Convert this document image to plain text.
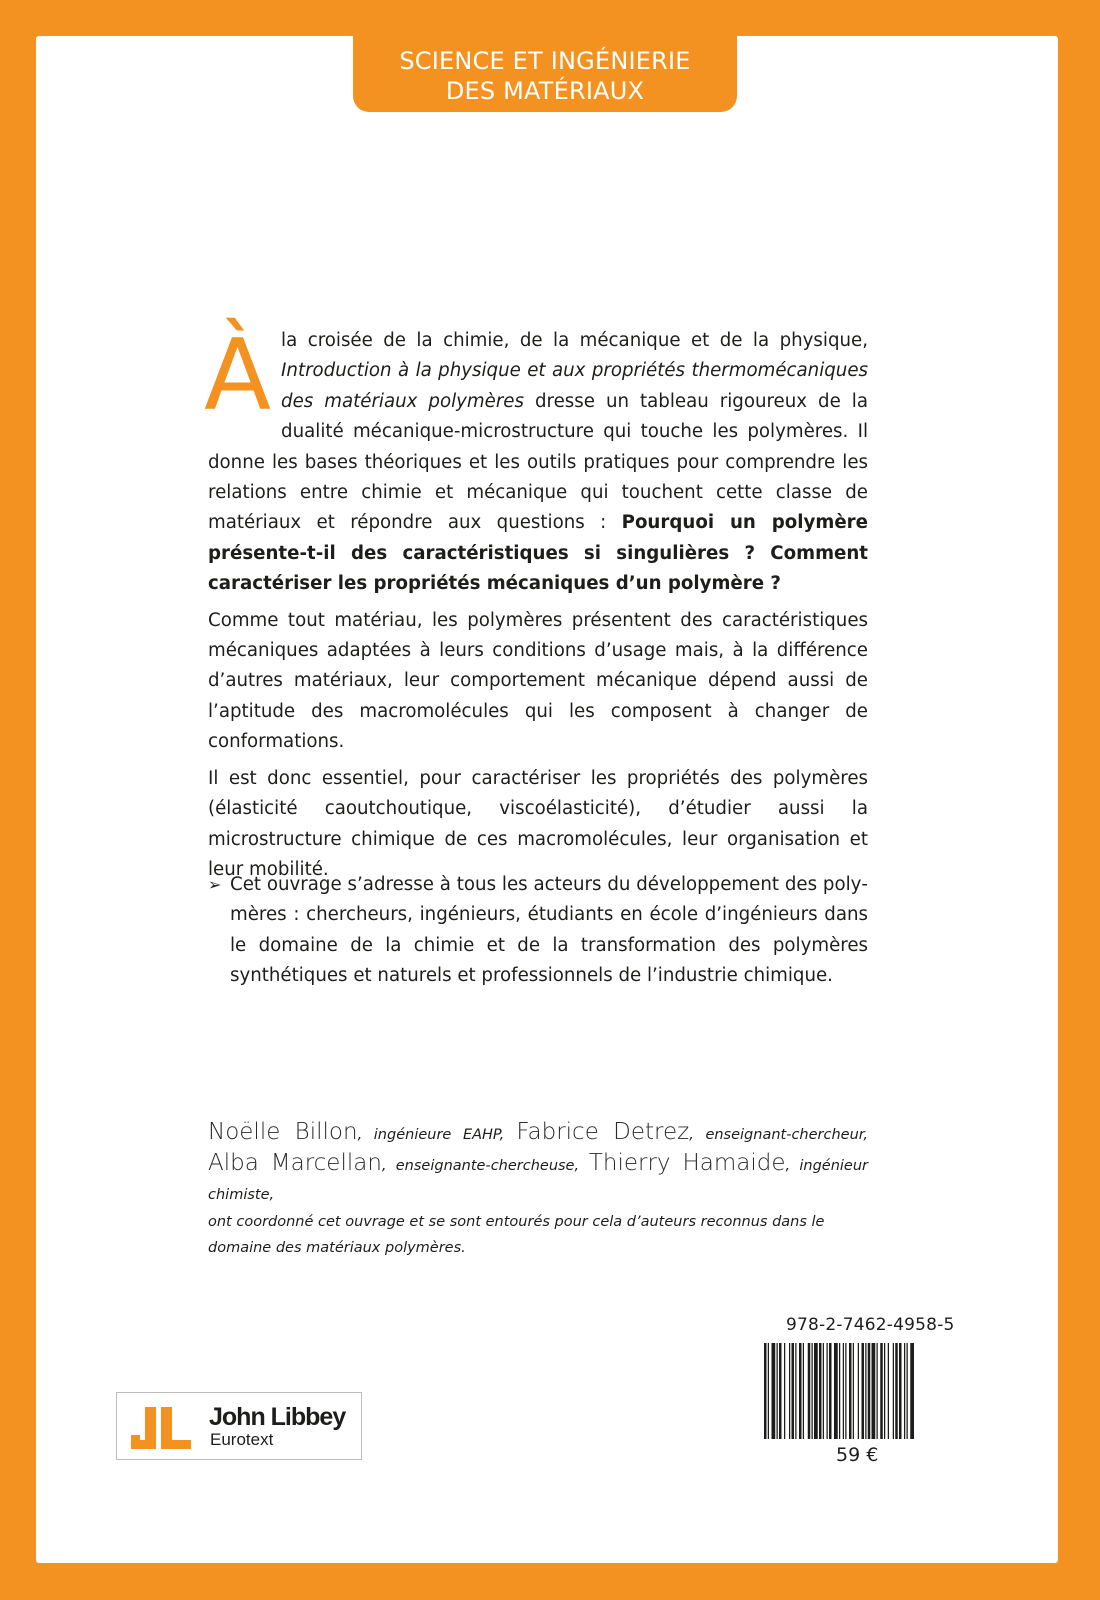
SCIENCE ET INGÉNIERIE
DES MATÉRIAUX

À la croisée de la chimie, de la mécanique et de la physique, Introduction à la physique et aux propriétés thermomécaniques des matériaux polymères dresse un tableau rigoureux de la dualité mécanique-microstructure qui touche les polymères. Il donne les bases théoriques et les outils pratiques pour comprendre les relations entre chimie et mécanique qui touchent cette classe de matériaux et répondre aux questions : Pourquoi un polymère présente-t-il des caractéristiques si singulières ? Comment caractériser les propriétés mécaniques d’un polymère ?

Comme tout matériau, les polymères présentent des caractéristiques mécaniques adaptées à leurs conditions d’usage mais, à la différence d’autres matériaux, leur comportement mécanique dépend aussi de l’aptitude des macromolécules qui les composent à changer de conformations.

Il est donc essentiel, pour caractériser les propriétés des polymères (élasticité caoutchoutique, viscoélasticité), d’étudier aussi la microstructure chimique de ces macromolécules, leur organisation et leur mobilité.

➢ Cet ouvrage s’adresse à tous les acteurs du développement des polymères : chercheurs, ingénieurs, étudiants en école d’ingénieurs dans le domaine de la chimie et de la transformation des polymères synthétiques et naturels et professionnels de l’industrie chimique.
Noëlle Billon, ingénieure EAHP, Fabrice Detrez, enseignant-chercheur, Alba Marcellan, enseignante-chercheuse, Thierry Hamaide, ingénieur chimiste,
ont coordonné cet ouvrage et se sont entourés pour cela d’auteurs reconnus dans le domaine des matériaux polymères.
John Libbey
Eurotext
978-2-7462-4958-5
59 €
